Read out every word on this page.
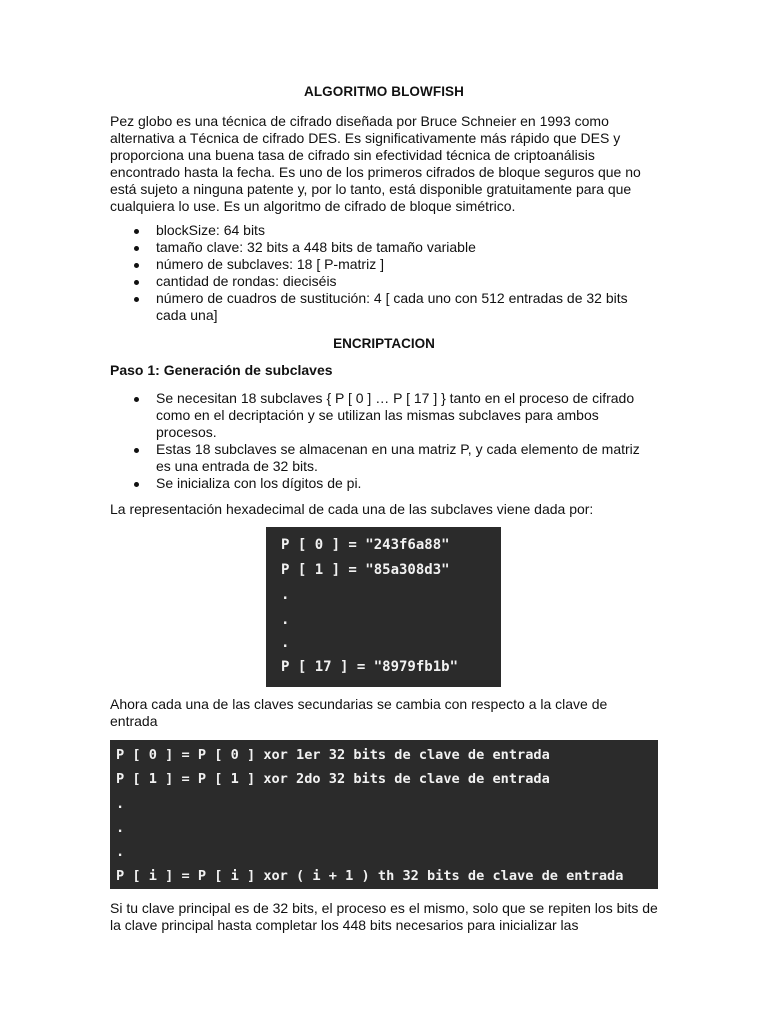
ALGORITMO BLOWFISH

Pez globo es una técnica de cifrado diseñada por Bruce Schneier en 1993 como alternativa a Técnica de cifrado DES. Es significativamente más rápido que DES y proporciona una buena tasa de cifrado sin efectividad técnica de criptoanálisis encontrado hasta la fecha. Es uno de los primeros cifrados de bloque seguros que no está sujeto a ninguna patente y, por lo tanto, está disponible gratuitamente para que cualquiera lo use. Es un algoritmo de cifrado de bloque simétrico.

blockSize: 64 bits
tamaño clave: 32 bits a 448 bits de tamaño variable
número de subclaves: 18 [ P-matriz ]
cantidad de rondas: dieciséis
número de cuadros de sustitución: 4 [ cada uno con 512 entradas de 32 bits cada una]
ENCRIPTACION
Paso 1: Generación de subclaves
Se necesitan 18 subclaves { P [ 0 ] … P [ 17 ] } tanto en el proceso de cifrado como en el decriptación y se utilizan las mismas subclaves para ambos procesos.
Estas 18 subclaves se almacenan en una matriz P, y cada elemento de matriz es una entrada de 32 bits.
Se inicializa con los dígitos de pi.

La representación hexadecimal de cada una de las subclaves viene dada por:

Ahora cada una de las claves secundarias se cambia con respecto a la clave de entrada

Si tu clave principal es de 32 bits, el proceso es el mismo, solo que se repiten los bits de la clave principal hasta completar los 448 bits necesarios para inicializar las

P [ 0 ] = "243f6a88"
P [ 1 ] = "85a308d3"
.
.
.
P [ 17 ] = "8979fb1b"
P [ 0 ] = P [ 0 ] xor 1er 32 bits de clave de entrada
P [ 1 ] = P [ 1 ] xor 2do 32 bits de clave de entrada
.
.
.
P [ i ] = P [ i ] xor ( i + 1 ) th 32 bits de clave de entrada
